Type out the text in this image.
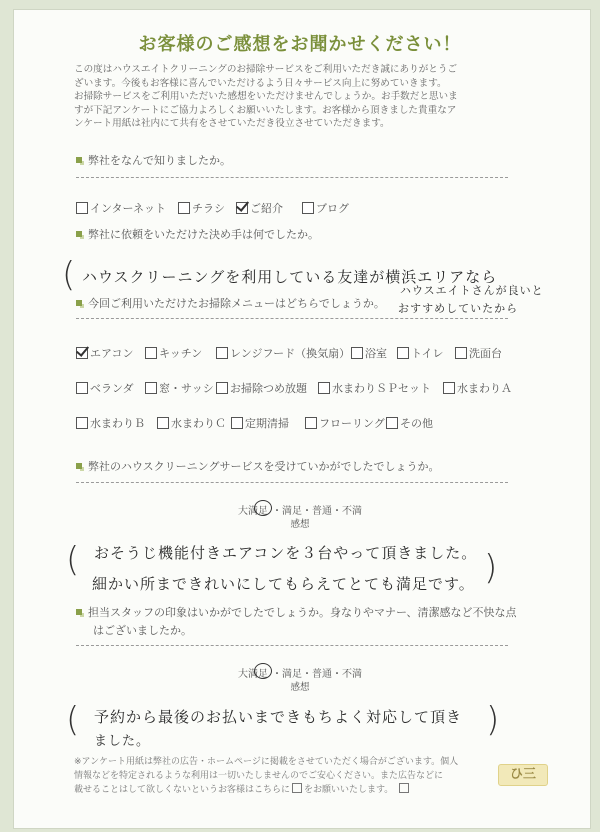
お客様のご感想をお聞かせください！
この度はハウスエイトクリーニングのお掃除サービスをご利用いただき誠にありがとうご
ざいます。今後もお客様に喜んでいただけるよう日々サービス向上に努めていきます。
お掃除サービスをご利用いただいた感想をいただけませんでしょうか。お手数だと思いま
すが下記アンケートにご協力よろしくお願いいたします。お客様から頂きました貴重なア
ンケート用紙は社内にて共有をさせていただき役立させていただきます。
弊社をなんで知りましたか。
インターネット	チラシ	ご紹介	ブログ
弊社に依頼をいただけた決め手は何でしたか。
( ハウスクリーニングを利用している友達が横浜エリアなら
ハウスエイトさんが良いと
おすすめしていたから
今回ご利用いただけたお掃除メニューはどちらでしょうか。
エアコン	キッチン	レンジフード（換気扇）	浴室	トイレ	洗面台
ベランダ	窓・サッシ	お掃除つめ放題	水まわりＳＰセット	水まわりＡ
水まわりＢ	水まわりＣ	定期清掃	フローリング	その他
弊社のハウスクリーニングサービスを受けていかがでしたでしょうか。
大満足 ・満足・普通・不満
感想
(	)
おそうじ機能付きエアコンを３台やって頂きました。
細かい所まできれいにしてもらえてとても満足です。
担当スタッフの印象はいかがでしたでしょうか。身なりやマナー、清潔感など不快な点
はございましたか。
大満足 ・満足・普通・不満
感想
(	)
予約から最後のお払いまできもちよく対応して頂き
ました。
※アンケート用紙は弊社の広告・ホームページに掲載をさせていただく場合がございます。個人
情報などを特定されるような利用は一切いたしませんのでご安心ください。また広告などに
載せることはして欲しくないというお客様はこちらに をお願いいたします。
ひ三
